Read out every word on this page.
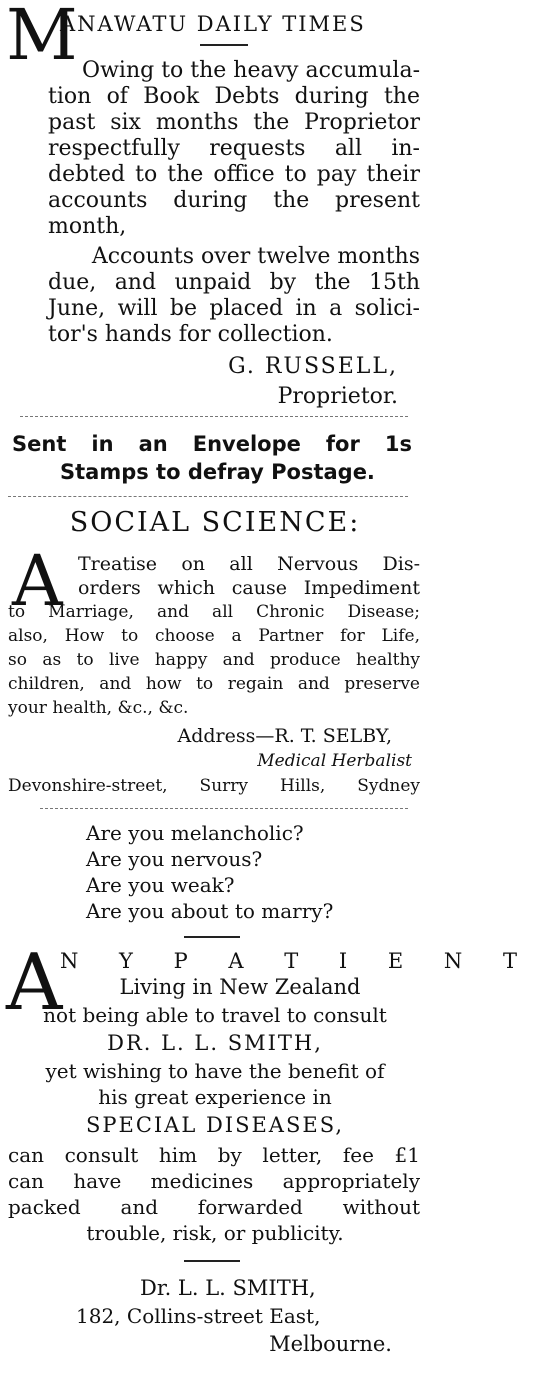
M
ANAWATU DAILY TIMES
Owing to the heavy accumula-
tion of Book Debts during the
past six months the Proprietor
respectfully requests all in-
debted to the office to pay their
accounts during the present
month,
Accounts over twelve months
due, and unpaid by the 15th
June, will be placed in a solici-
tor's hands for collection.
G. RUSSELL,
Proprietor.
Sent in an Envelope for 1s
Stamps to defray Postage.
SOCIAL SCIENCE:
A Treatise on all Nervous Dis-
orders which cause Impediment
to Marriage, and all Chronic Disease;
also, How to choose a Partner for Life,
so as to live happy and produce healthy
children, and how to regain and preserve
your health, &c., &c.
Address—R. T. SELBY,
Medical Herbalist
Devonshire-street, Surry Hills, Sydney
Are you melancholic?
Are you nervous?
Are you weak?
Are you about to marry?
A
N Y P A T I E N T
Living in New Zealand
not being able to travel to consult
DR. L. L. SMITH,
yet wishing to have the benefit of
his great experience in
SPECIAL DISEASES,
can consult him by letter, fee £1
can have medicines appropriately
packed and forwarded without
trouble, risk, or publicity.
Dr. L. L. SMITH,
182, Collins-street East,
Melbourne.
